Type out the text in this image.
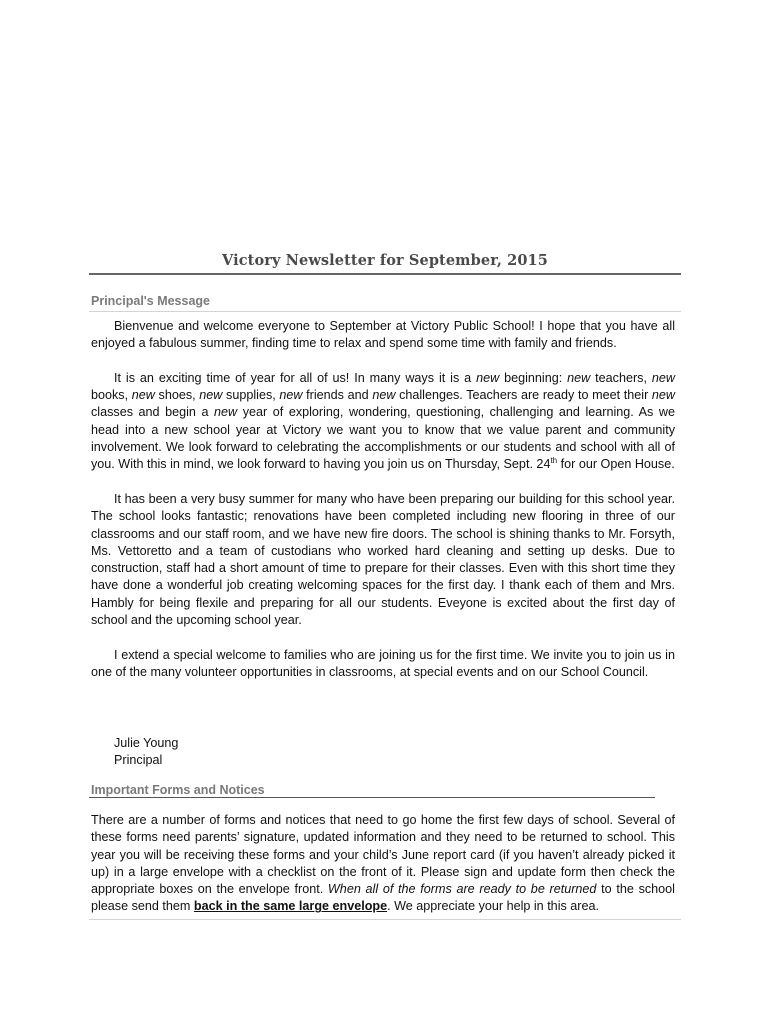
Victory Newsletter for September, 2015
Principal's Message

Bienvenue and welcome everyone to September at Victory Public School! I hope that you have all enjoyed a fabulous summer, finding time to relax and spend some time with family and friends.

It is an exciting time of year for all of us! In many ways it is a new beginning: new teachers, new books, new shoes, new supplies, new friends and new challenges. Teachers are ready to meet their new classes and begin a new year of exploring, wondering, questioning, challenging and learning. As we head into a new school year at Victory we want you to know that we value parent and community involvement. We look forward to celebrating the accomplishments or our students and school with all of you. With this in mind, we look forward to having you join us on Thursday, Sept. 24th for our Open House.

It has been a very busy summer for many who have been preparing our building for this school year. The school looks fantastic; renovations have been completed including new flooring in three of our classrooms and our staff room, and we have new fire doors. The school is shining thanks to Mr. Forsyth, Ms. Vettoretto and a team of custodians who worked hard cleaning and setting up desks. Due to construction, staff had a short amount of time to prepare for their classes. Even with this short time they have done a wonderful job creating welcoming spaces for the first day. I thank each of them and Mrs. Hambly for being flexile and preparing for all our students. Eveyone is excited about the first day of school and the upcoming school year.

I extend a special welcome to families who are joining us for the first time. We invite you to join us in one of the many volunteer opportunities in classrooms, at special events and on our School Council.

Julie Young
Principal
Important Forms and Notices

There are a number of forms and notices that need to go home the first few days of school. Several of these forms need parents’ signature, updated information and they need to be returned to school. This year you will be receiving these forms and your child’s June report card (if you haven’t already picked it up) in a large envelope with a checklist on the front of it. Please sign and update form then check the appropriate boxes on the envelope front. When all of the forms are ready to be returned to the school please send them back in the same large envelope. We appreciate your help in this area.
